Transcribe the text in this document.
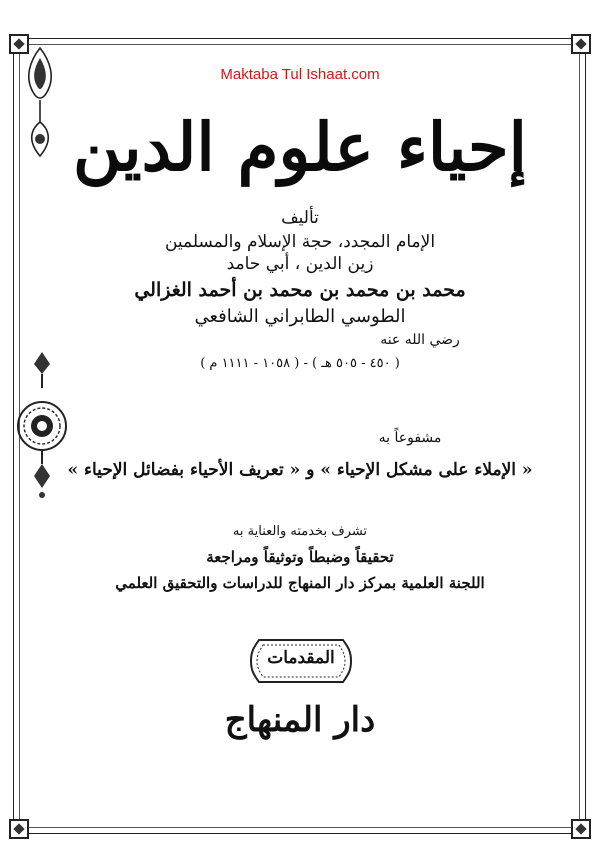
Maktaba Tul Ishaat.com
إحياء علوم الدين
تأليف
الإمام المجدد، حجة الإسلام والمسلمين
زين الدين ، أبي حامد
محمد بن محمد بن محمد بن أحمد الغزالي
الطوسي الطابراني الشافعي
رضي الله عنه
( ٤٥٠ - ٥٠٥ هـ ) - ( ١٠٥٨ - ١١١١ م )
مشفوعاً به
« الإملاء على مشكل الإحياء » و « تعريف الأحياء بفضائل الإحياء »
تشرف بخدمته والعناية به
تحقيقاً وضبطاً وتوثيقاً ومراجعة
اللجنة العلمية بمركز دار المنهاج للدراسات والتحقيق العلمي
المقدمات
دار المنهاج
